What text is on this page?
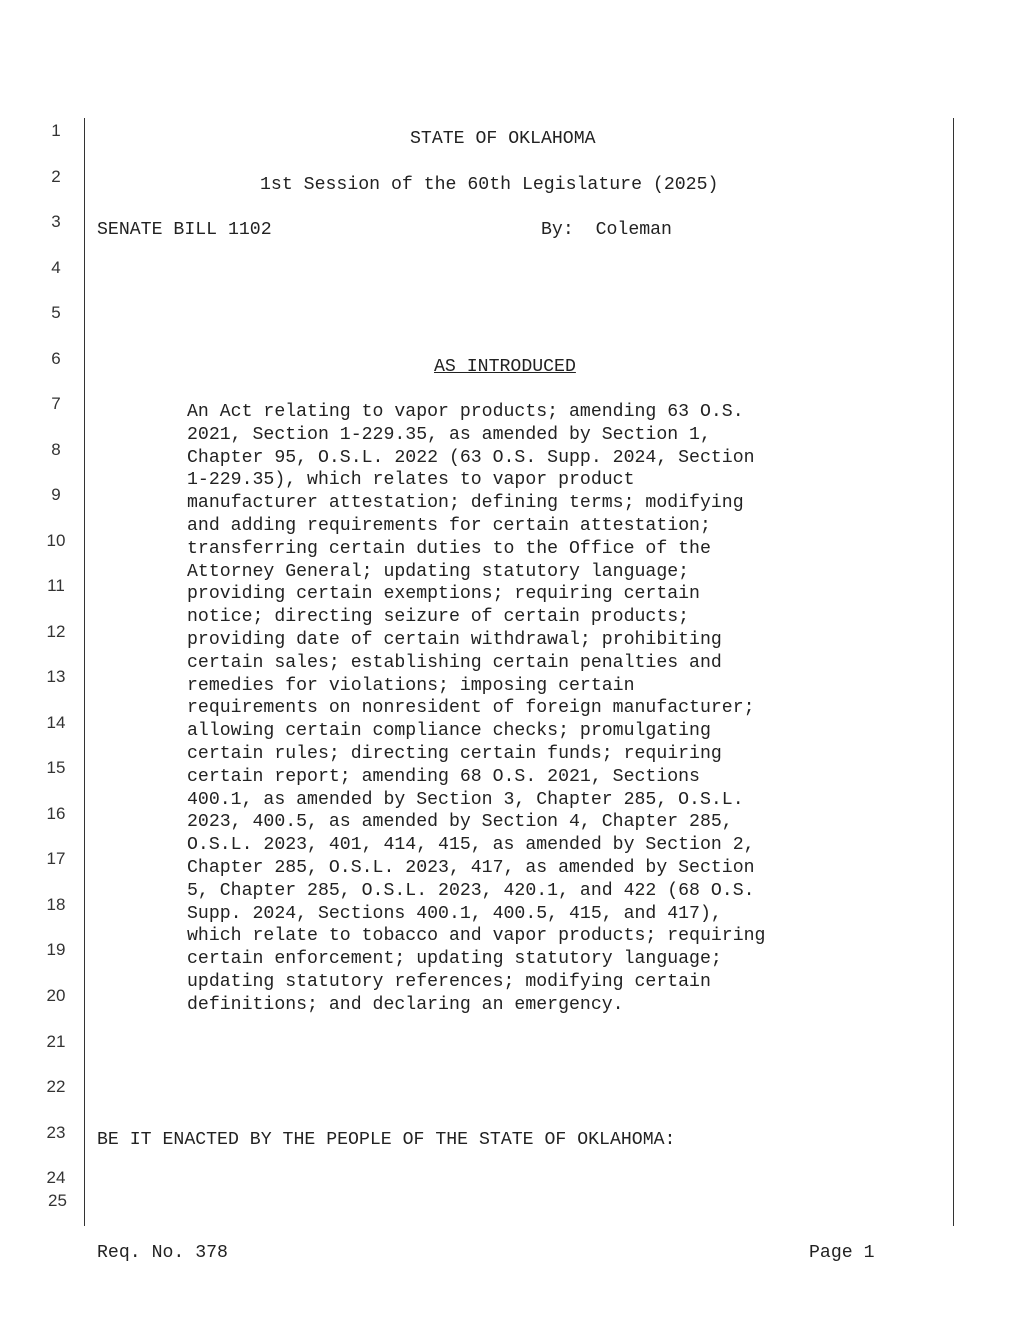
1
2
3
4
5
6
7
8
9
10
11
12
13
14
15
16
17
18
19
20
21
22
23
24
25
STATE OF OKLAHOMA
1st Session of the 60th Legislature (2025)
SENATE BILL 1102	By:  Coleman
AS INTRODUCED
An Act relating to vapor products; amending 63 O.S.
2021, Section 1-229.35, as amended by Section 1,
Chapter 95, O.S.L. 2022 (63 O.S. Supp. 2024, Section
1-229.35), which relates to vapor product
manufacturer attestation; defining terms; modifying
and adding requirements for certain attestation;
transferring certain duties to the Office of the
Attorney General; updating statutory language;
providing certain exemptions; requiring certain
notice; directing seizure of certain products;
providing date of certain withdrawal; prohibiting
certain sales; establishing certain penalties and
remedies for violations; imposing certain
requirements on nonresident of foreign manufacturer;
allowing certain compliance checks; promulgating
certain rules; directing certain funds; requiring
certain report; amending 68 O.S. 2021, Sections
400.1, as amended by Section 3, Chapter 285, O.S.L.
2023, 400.5, as amended by Section 4, Chapter 285,
O.S.L. 2023, 401, 414, 415, as amended by Section 2,
Chapter 285, O.S.L. 2023, 417, as amended by Section
5, Chapter 285, O.S.L. 2023, 420.1, and 422 (68 O.S.
Supp. 2024, Sections 400.1, 400.5, 415, and 417),
which relate to tobacco and vapor products; requiring
certain enforcement; updating statutory language;
updating statutory references; modifying certain
definitions; and declaring an emergency.
BE IT ENACTED BY THE PEOPLE OF THE STATE OF OKLAHOMA:
Req. No. 378	Page 1
